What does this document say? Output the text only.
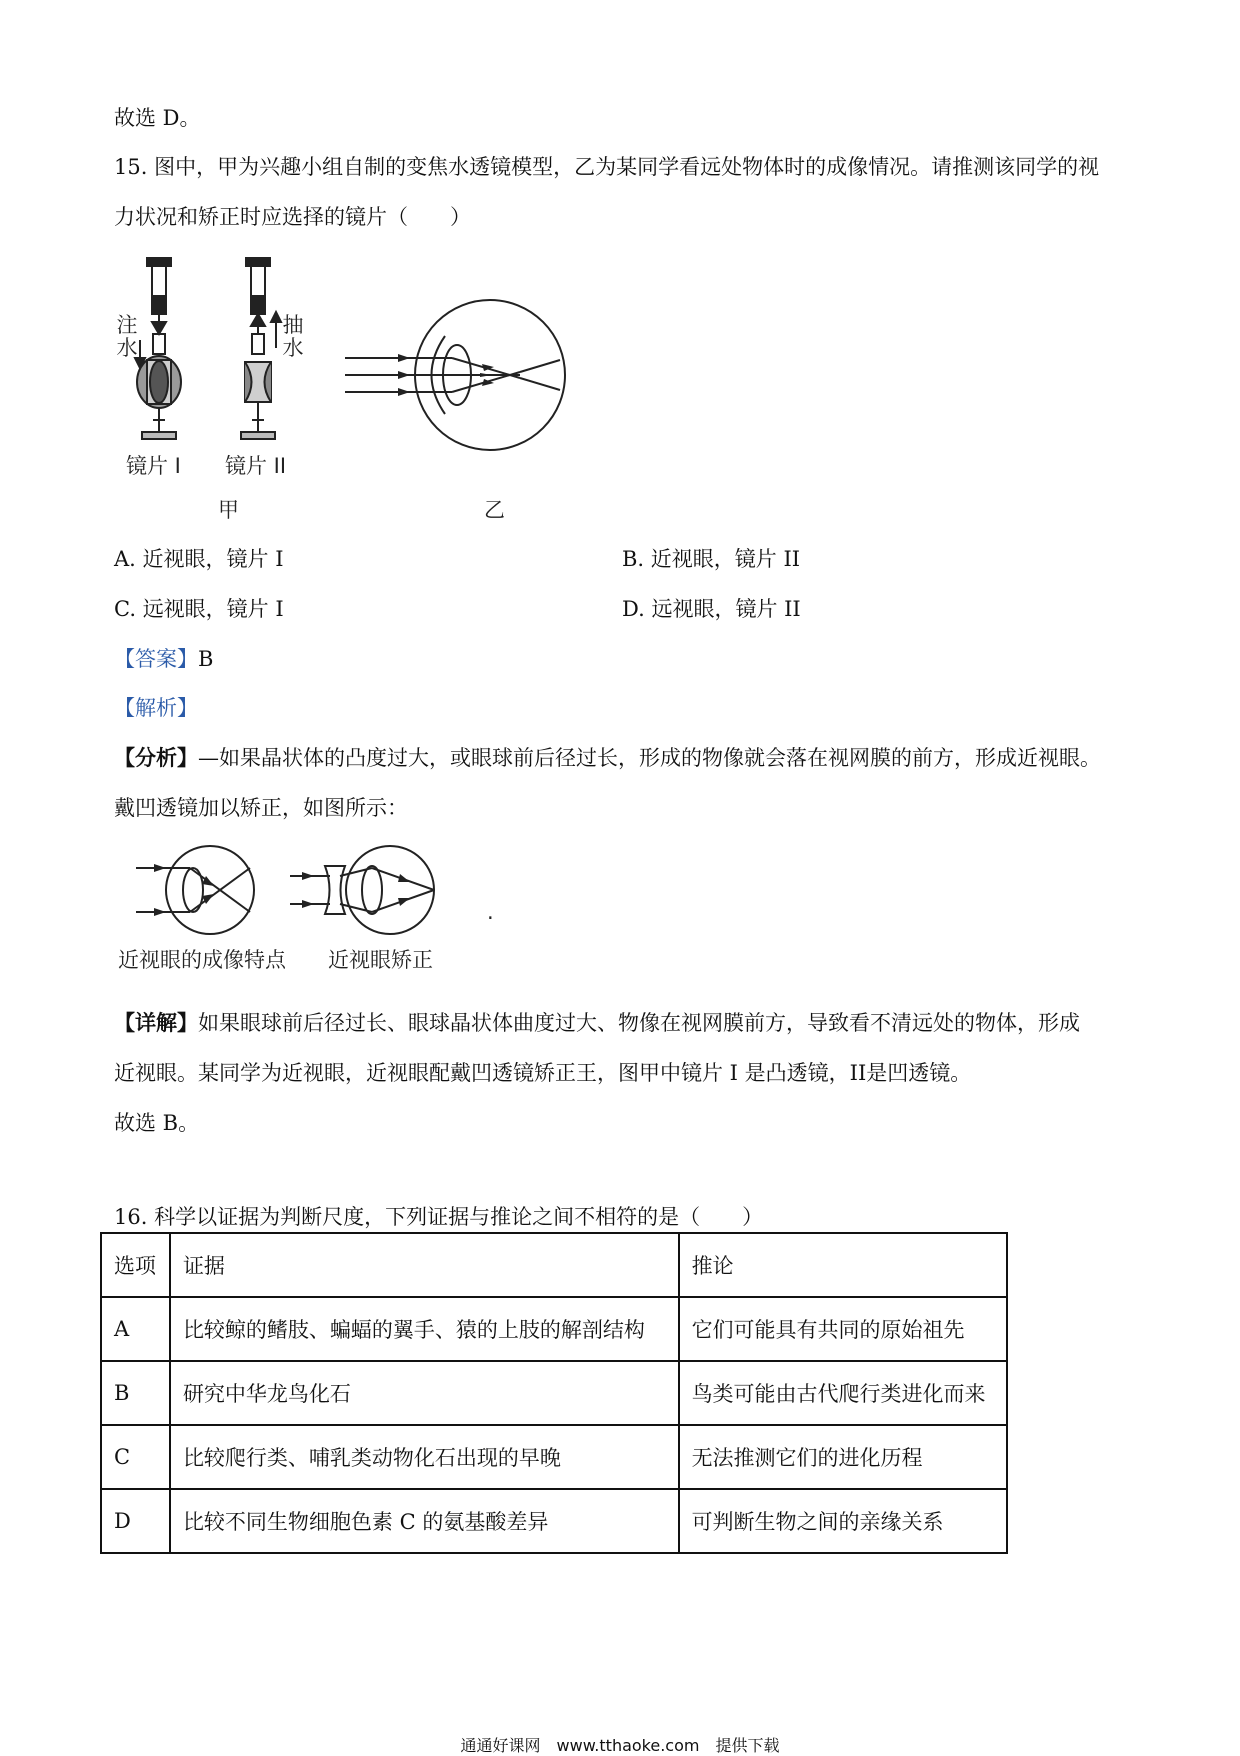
故选 D。
15. 图中，甲为兴趣小组自制的变焦水透镜模型，乙为某同学看远处物体时的成像情况。请推测该同学的视
力状况和矫正时应选择的镜片（　　）
注水
抽水
镜片 I 镜片 II
甲	乙
A. 近视眼，镜片 I	B. 近视眼，镜片 II
C. 远视眼，镜片 I	D. 远视眼，镜片 II
【答案】B
【解析】
【分析】—如果晶状体的凸度过大，或眼球前后径过长，形成的物像就会落在视网膜的前方，形成近视眼。
戴凹透镜加以矫正，如图所示：
近视眼的成像特点 近视眼矫正
.
【详解】如果眼球前后径过长、眼球晶状体曲度过大、物像在视网膜前方，导致看不清远处的物体，形成
近视眼。某同学为近视眼，近视眼配戴凹透镜矫正王，图甲中镜片 I 是凸透镜，II是凹透镜。
故选 B。
16. 科学以证据为判断尺度，下列证据与推论之间不相符的是（　　）
选项	证据	推论
A	比较鲸的鳍肢、蝙蝠的翼手、猿的上肢的解剖结构	它们可能具有共同的原始祖先
B	研究中华龙鸟化石	鸟类可能由古代爬行类进化而来
C	比较爬行类、哺乳类动物化石出现的早晚	无法推测它们的进化历程
D	比较不同生物细胞色素 C 的氨基酸差异	可判断生物之间的亲缘关系
通通好课网　www.tthaoke.com　提供下载
